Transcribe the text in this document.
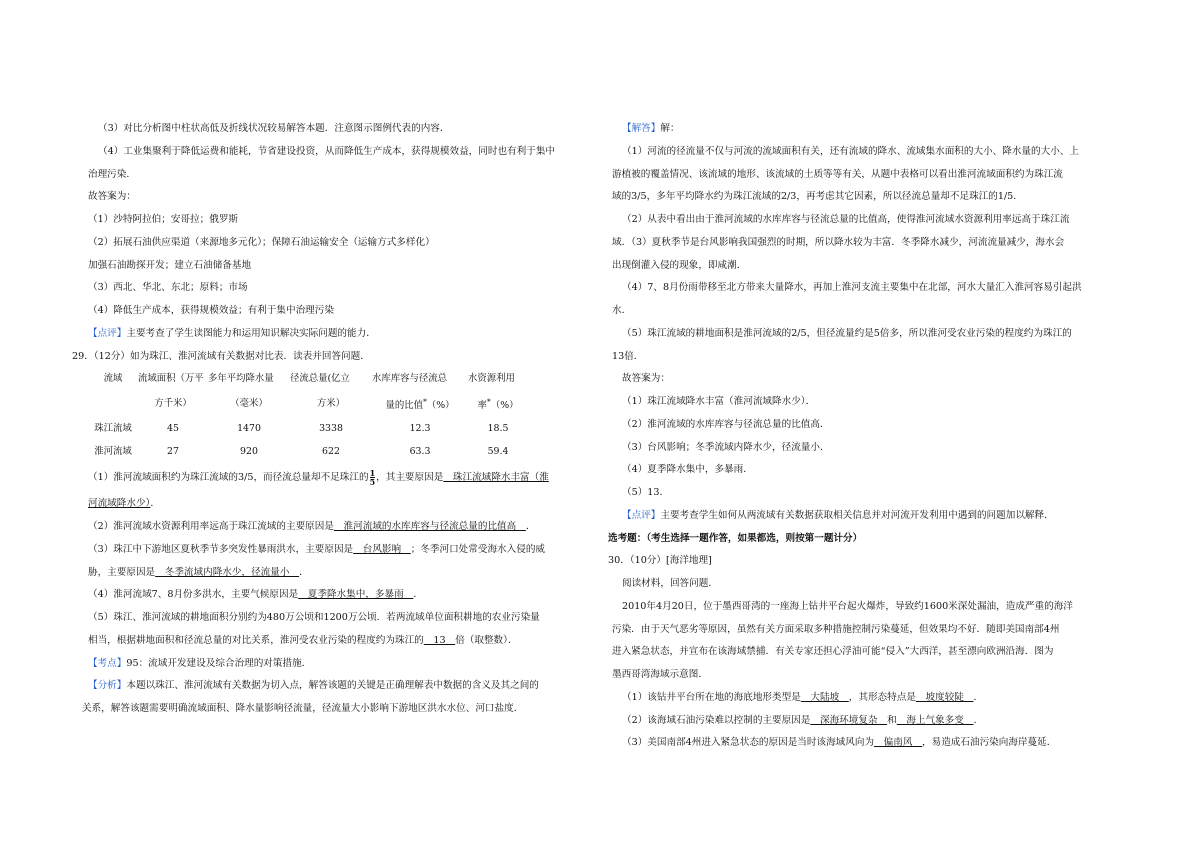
（3）对比分析图中柱状高低及折线状况较易解答本题．注意图示图例代表的内容．
（4）工业集聚利于降低运费和能耗，节省建设投资，从而降低生产成本，获得规模效益，同时也有利于集中
治理污染．
故答案为：
（1）沙特阿拉伯；安哥拉；俄罗斯
（2）拓展石油供应渠道（来源地多元化）；保障石油运输安全（运输方式多样化）
加强石油勘探开发；建立石油储备基地
（3）西北、华北、东北；原料；市场
（4）降低生产成本，获得规模效益；有利于集中治理污染
【点评】主要考查了学生读图能力和运用知识解决实际问题的能力．
29．（12分）如为珠江、淮河流域有关数据对比表．读表并回答问题．
流域	流域面积（万平	多年平均降水量	径流总量(亿立	水库库容与径流总	水资源利用
	方千米）	（毫米）	方米）	量的比值*（%）	率*（%）
珠江流域	45	1470	3338	12.3	18.5
淮河流域	27	920	622	63.3	59.4
（1）淮河流域面积约为珠江流域的3/5，而径流总量却不足珠江的 $\frac{1}{5}$ ，其主要原因是　珠江流域降水丰富（淮
河流域降水少）．
（2）淮河流域水资源利用率远高于珠江流域的主要原因是　淮河流域的水库库容与径流总量的比值高　．
（3）珠江中下游地区夏秋季节多突发性暴雨洪水，主要原因是　台风影响　；冬季河口处常受海水入侵的威
胁，主要原因是　冬季流域内降水少，径流量小　．
（4）淮河流域7、8月份多洪水，主要气候原因是　夏季降水集中，多暴雨　．
（5）珠江、淮河流域的耕地面积分别约为480万公顷和1200万公顷．若两流域单位面积耕地的农业污染量
相当，根据耕地面积和径流总量的对比关系，淮河受农业污染的程度约为珠江的　13　倍（取整数）．
【考点】95：流域开发建设及综合治理的对策措施．
【分析】本题以珠江、淮河流域有关数据为切入点，解答该题的关键是正确理解表中数据的含义及其之间的
关系，解答该题需要明确流域面积、降水量影响径流量，径流量大小影响下游地区洪水水位、河口盐度．
【解答】解：
（1）河流的径流量不仅与河流的流域面积有关，还有流域的降水、流域集水面积的大小、降水量的大小、上
游植被的覆盖情况、该流域的地形、该流域的土质等等有关，从题中表格可以看出淮河流域面积约为珠江流
域的3/5，多年平均降水约为珠江流域的2/3，再考虑其它因素，所以径流总量却不足珠江的1/5．
（2）从表中看出由于淮河流域的水库库容与径流总量的比值高，使得淮河流域水资源利用率远高于珠江流
域．（3）夏秋季节是台风影响我国强烈的时期，所以降水较为丰富．冬季降水减少，河流流量减少，海水会
出现倒灌入侵的现象，即咸潮．
（4）7、8月份雨带移至北方带来大量降水，再加上淮河支流主要集中在北部，河水大量汇入淮河容易引起洪
水．
（5）珠江流域的耕地面积是淮河流域的2/5，但径流量约是5倍多，所以淮河受农业污染的程度约为珠江的
13倍．
故答案为：
（1）珠江流域降水丰富（淮河流域降水少）．
（2）淮河流域的水库库容与径流总量的比值高．
（3）台风影响；冬季流域内降水少，径流量小．
（4）夏季降水集中，多暴雨．
（5）13．
【点评】主要考查学生如何从两流域有关数据获取相关信息并对河流开发利用中遇到的问题加以解释．
选考题：（考生选择一题作答，如果都选，则按第一题计分）
30．（10分）[海洋地理]
阅读材料，回答问题．
2010年4月20日，位于墨西哥湾的一座海上钻井平台起火爆炸，导致约1600米深处漏油，造成严重的海洋
污染．由于天气恶劣等原因，虽然有关方面采取多种措施控制污染蔓延，但效果均不好．随即美国南部4州
进入紧急状态，并宣布在该海域禁捕．有关专家还担心浮油可能“侵入”大西洋，甚至漂向欧洲沿海．图为
墨西哥湾海域示意图．
（1）该钻井平台所在地的海底地形类型是　大陆坡　，其形态特点是　坡度较陡　．
（2）该海域石油污染难以控制的主要原因是　深海环境复杂　和　海上气象多变　．
（3）美国南部4州进入紧急状态的原因是当时该海域风向为　偏南风　，易造成石油污染向海岸蔓延．
